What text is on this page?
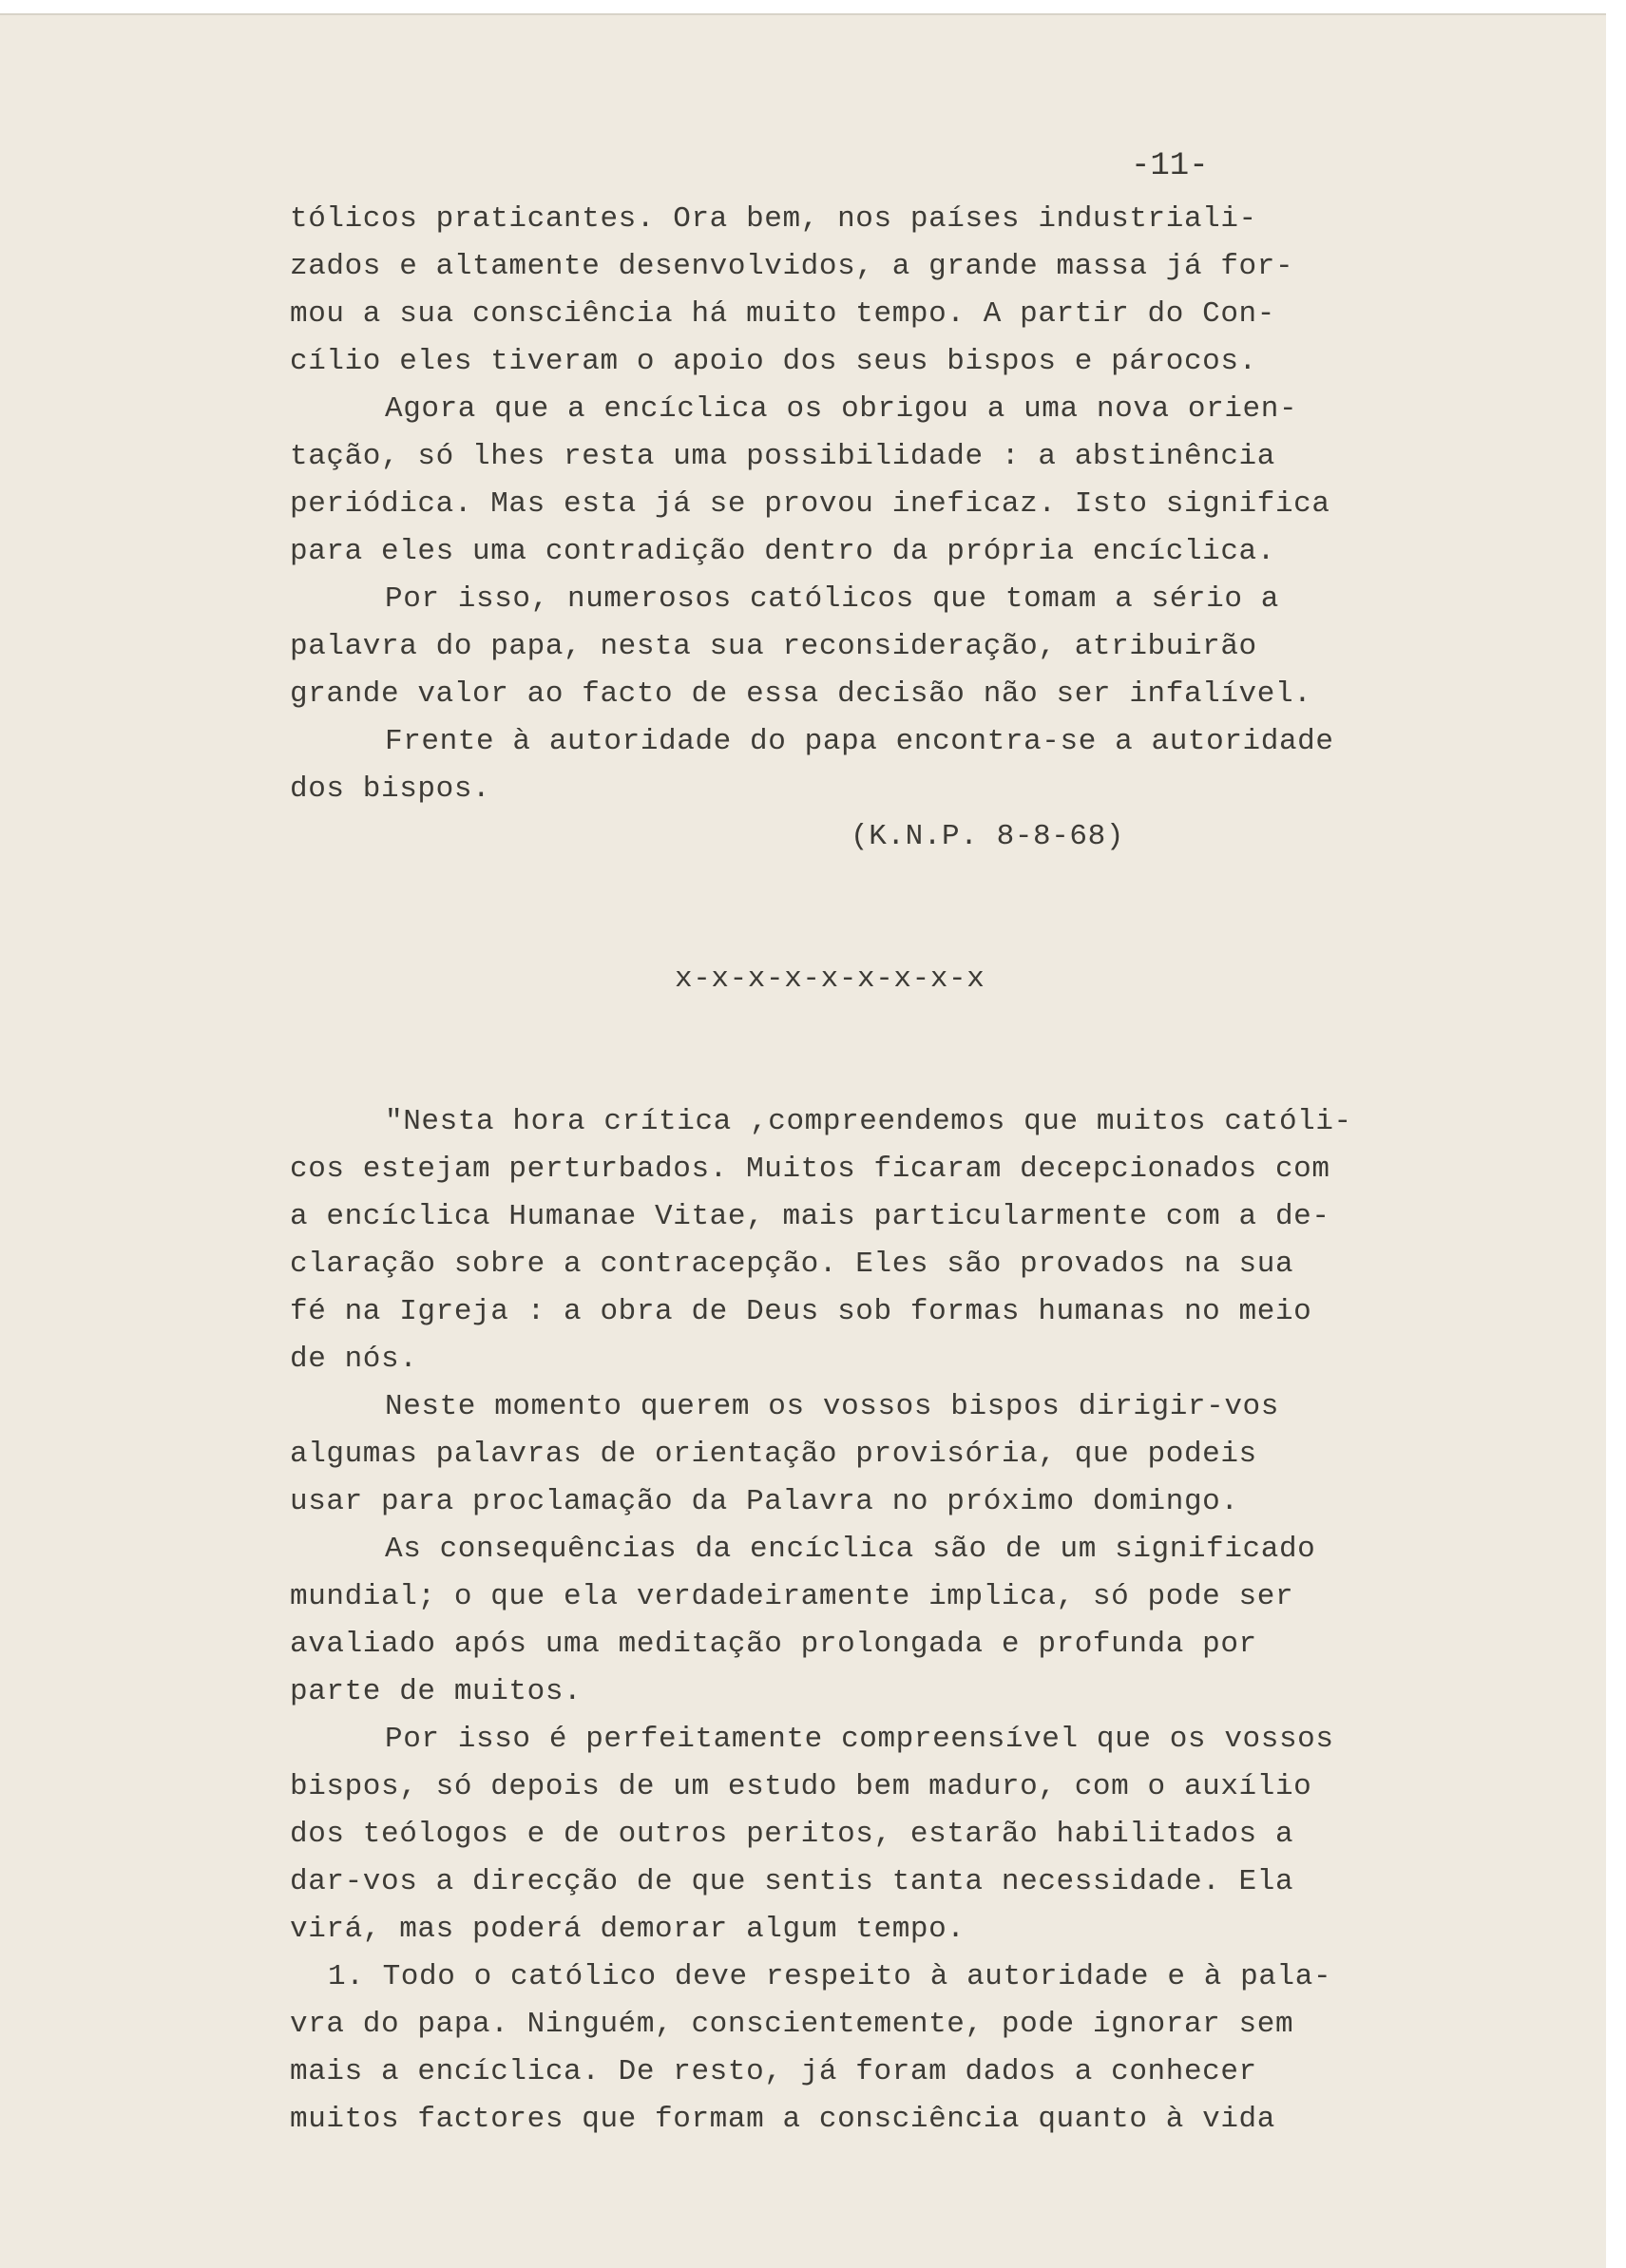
-11-
tólicos praticantes. Ora bem, nos países industriali-
zados e altamente desenvolvidos, a grande massa já for-
mou a sua consciência há muito tempo. A partir do Con-
cílio eles tiveram o apoio dos seus bispos e párocos.
Agora que a encíclica os obrigou a uma nova orien-
tação, só lhes resta uma possibilidade : a abstinência
periódica. Mas esta já se provou ineficaz. Isto significa
para eles uma contradição dentro da própria encíclica.
Por isso, numerosos católicos que tomam a sério a
palavra do papa, nesta sua reconsideração, atribuirão
grande valor ao facto de essa decisão não ser infalível.
Frente à autoridade do papa encontra-se a autoridade
dos bispos.
(K.N.P. 8-8-68)
x-x-x-x-x-x-x-x-x
"Nesta hora crítica ,compreendemos que muitos católi-
cos estejam perturbados. Muitos ficaram decepcionados com
a encíclica Humanae Vitae, mais particularmente com a de-
claração sobre a contracepção. Eles são provados na sua
fé na Igreja : a obra de Deus sob formas humanas no meio
de nós.
Neste momento querem os vossos bispos dirigir-vos
algumas palavras de orientação provisória, que podeis
usar para proclamação da Palavra no próximo domingo.
As consequências da encíclica são de um significado
mundial; o que ela verdadeiramente implica, só pode ser
avaliado após uma meditação prolongada e profunda por
parte de muitos.
Por isso é perfeitamente compreensível que os vossos
bispos, só depois de um estudo bem maduro, com o auxílio
dos teólogos e de outros peritos, estarão habilitados a
dar-vos a direcção de que sentis tanta necessidade. Ela
virá, mas poderá demorar algum tempo.
1. Todo o católico deve respeito à autoridade e à pala-
vra do papa. Ninguém, conscientemente, pode ignorar sem
mais a encíclica. De resto, já foram dados a conhecer
muitos factores que formam a consciência quanto à vida
